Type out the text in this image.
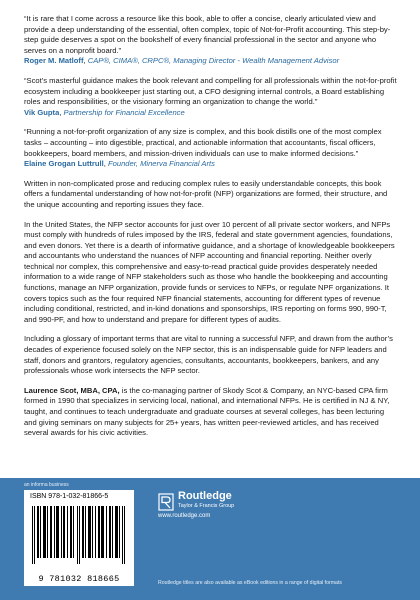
“It is rare that I come across a resource like this book, able to offer a concise, clearly articulated view and provide a deep understanding of the essential, often complex, topic of Not-for-Profit accounting. This step-by-step guide deserves a spot on the bookshelf of every financial professional in the sector and anyone who serves on a nonprofit board.”

Roger M. Matloff, CAP®, CIMA®, CRPC®, Managing Director - Wealth Management Advisor

“Scot’s masterful guidance makes the book relevant and compelling for all professionals within the not-for-profit ecosystem including a bookkeeper just starting out, a CFO designing internal controls, a Board establishing roles and responsibilities, or the visionary forming an organization to change the world.”

Vik Gupta, Partnership for Financial Excellence

“Running a not-for-profit organization of any size is complex, and this book distills one of the most complex tasks – accounting – into digestible, practical, and actionable information that accountants, fiscal officers, bookkeepers, board members, and mission-driven individuals can use to make informed decisions.”

Elaine Grogan Luttrull, Founder, Minerva Financial Arts

Written in non-complicated prose and reducing complex rules to easily understandable concepts, this book offers a fundamental understanding of how not-for-profit (NFP) organizations are formed, their structure, and the unique accounting and reporting issues they face.

In the United States, the NFP sector accounts for just over 10 percent of all private sector workers, and NFPs must comply with hundreds of rules imposed by the IRS, federal and state government agencies, foundations, and even donors. Yet there is a dearth of informative guidance, and a shortage of knowledgeable bookkeepers and accountants who understand the nuances of NFP accounting and financial reporting. Neither overly technical nor complex, this comprehensive and easy-to-read practical guide provides desperately needed information to a wide range of NFP stakeholders such as those who handle the bookkeeping and accounting functions, manage an NFP organization, provide funds or services to NFPs, or regulate NPF organizations. It covers topics such as the four required NFP financial statements, accounting for different types of revenue including conditional, restricted, and in-kind donations and sponsorships, IRS reporting on forms 990, 990-T, and 990-PF, and how to understand and prepare for different types of audits.

Including a glossary of important terms that are vital to running a successful NFP, and drawn from the author’s decades of experience focused solely on the NFP sector, this is an indispensable guide for NFP leaders and staff, donors and grantors, regulatory agencies, consultants, accountants, bookkeepers, bankers, and any professionals whose work intersects the NFP sector.

Laurence Scot, MBA, CPA, is the co-managing partner of Skody Scot & Company, an NYC-based CPA firm formed in 1990 that specializes in servicing local, national, and international NFPs. He is certified in NJ & NY, taught, and continues to teach undergraduate and graduate courses at several colleges, has been lecturing and giving seminars on many subjects for 25+ years, has written peer-reviewed articles, and has received several awards for his civic activities.

an informa business
ISBN 978-1-032-81866-5
9 781032 818665
Routledge
Taylor & Francis Group
www.routledge.com
Routledge titles are also available as eBook editions in a range of digital formats
